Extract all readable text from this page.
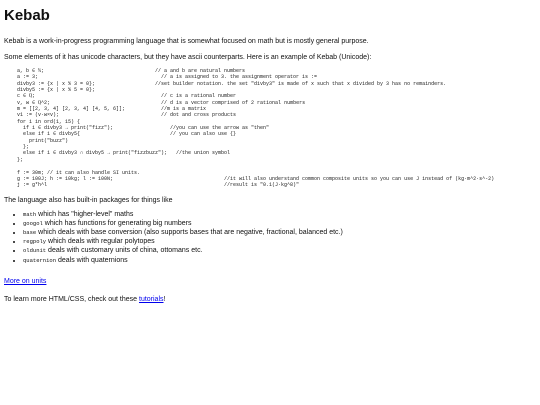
Kebab

Kebab is a work-in-progress programming language that is somewhat focused on math but is mostly general purpose.

Some elements of it has unicode characters, but they have ascii counterparts. Here is an example of Kebab (Unicode):

a, b ∈ ℕ;                                     // a and b are natural numbers
a := 3;                                         // a is assigned to 3. the assignment operator is :=
divby3 := {x | x % 3 = 0};                    //set builder notation. the set "divby3" is made of x such that x divided by 3 has no remainders.
divby5 := {x | x % 5 = 0};
c ∈ ℚ;                                          // c is a rational number
v, w ∈ ℚ^2;                                     // d is a vector comprised of 2 rational numbers
m = [[2, 3, 4] [2, 3, 4] [4, 5, 6]];            //m is a matrix
v1 := (v·w×v);                                  // dot and cross products
for i in ord(1, 15) {
if i ∈ divby3 → print("fizz");                   //you can use the arrow as "then"
else if i ∈ divby5{                              // you can also use {}
print("buzz")
};
else if i ∈ divby3 ∩ divby5 → print("fizzbuzz");   //the union symbol
};

f := 30m; // it can also handle SI units.
g := 100J; h := 10kg; l := 100N;                                     //it will also understand common composite units so you can use J instead of (kg·m^2·s^-2)
j := g*h^l                                                           //result is "0.1(J·kg^8)"

The language also has built-in packages for things like

• math which has "higher-level" maths
• googol which has functions for generating big numbers
• base which deals with base conversion (also supports bases that are negative, fractional, balanced etc.)
• regpoly which deals with regular polytopes
• oldunit deals with customary units of china, ottomans etc.
• quaternion deals with quaternions

More on units

To learn more HTML/CSS, check out these tutorials!
